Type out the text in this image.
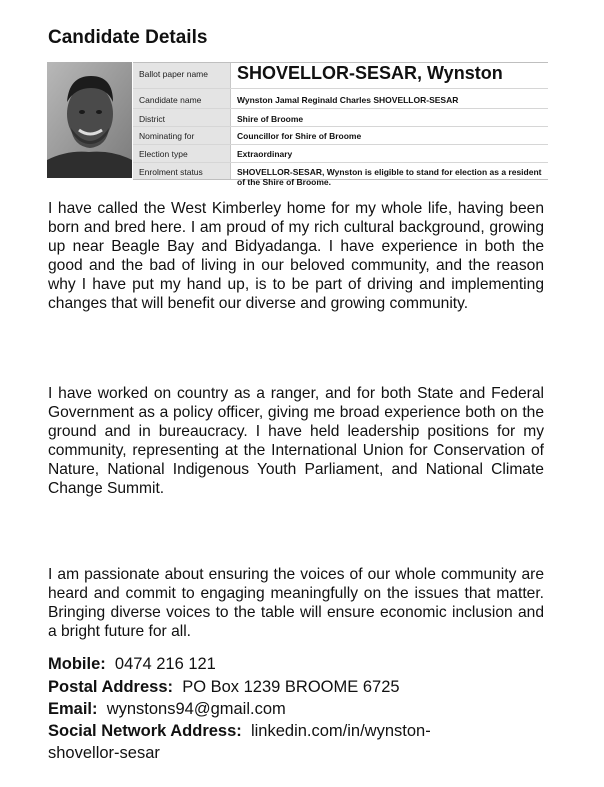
Candidate Details
Ballot paper name SHOVELLOR-SESAR, Wynston
Candidate name	Wynston Jamal Reginald Charles SHOVELLOR-SESAR
District	Shire of Broome
Nominating for	Councillor for Shire of Broome
Election type	Extraordinary
Enrolment status	SHOVELLOR-SESAR, Wynston is eligible to stand for election as a resident of the Shire of Broome.

I have called the West Kimberley home for my whole life, having been born and bred here. I am proud of my rich cultural background, growing up near Beagle Bay and Bidyadanga. I have experience in both the good and the bad of living in our beloved community, and the reason why I have put my hand up, is to be part of driving and implementing changes that will benefit our diverse and growing community.

I have worked on country as a ranger, and for both State and Federal Government as a policy officer, giving me broad experience both on the ground and in bureaucracy. I have held leadership positions for my community, representing at the International Union for Conservation of Nature, National Indigenous Youth Parliament, and National Climate Change Summit.

I am passionate about ensuring the voices of our whole community are heard and commit to engaging meaningfully on the issues that matter. Bringing diverse voices to the table will ensure economic inclusion and a bright future for all.

Mobile: 0474 216 121

Postal Address: PO Box 1239 BROOME 6725

Email: wynstons94@gmail.com

Social Network Address: linkedin.com/in/wynston-shovellor-sesar
